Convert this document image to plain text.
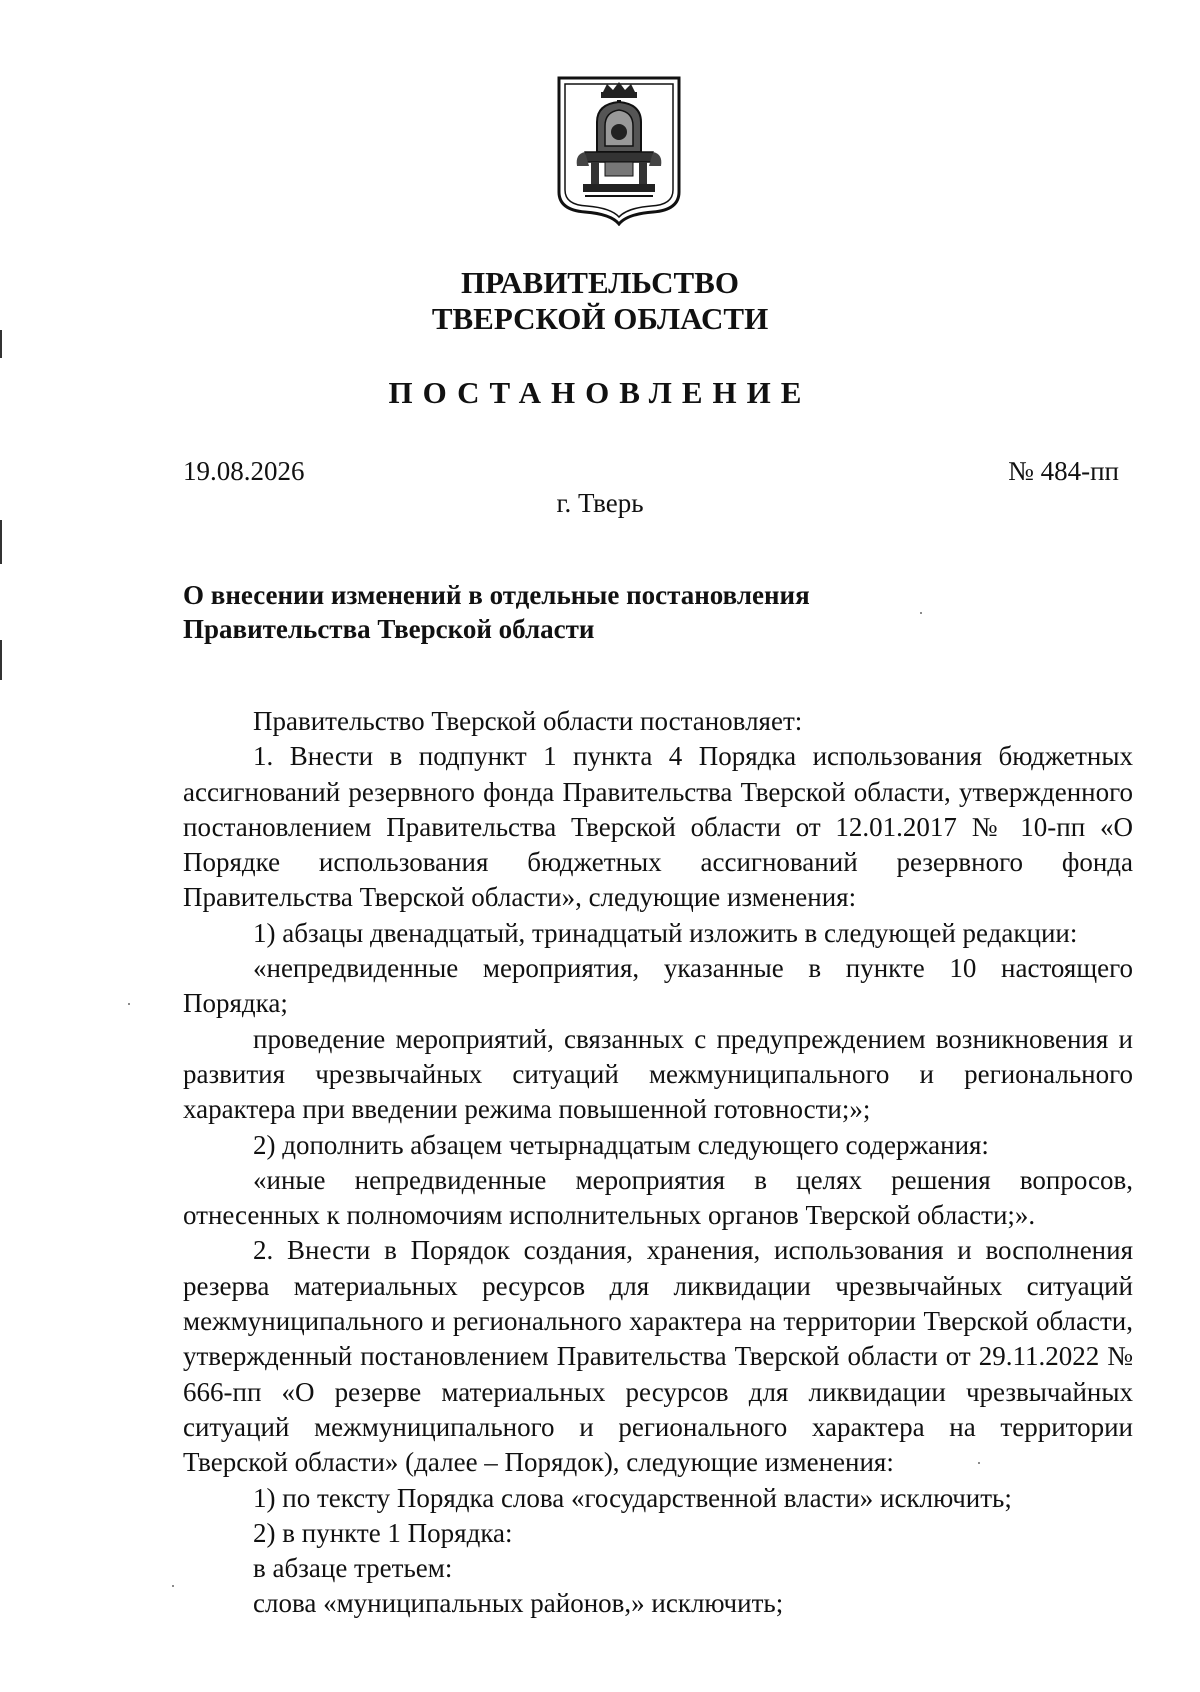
ПРАВИТЕЛЬСТВО
ТВЕРСКОЙ ОБЛАСТИ
ПОСТАНОВЛЕНИЕ
19.08.2026	№ 484-пп
г. Тверь
О внесении изменений в отдельные постановления
Правительства Тверской области

Правительство Тверской области постановляет:

1. Внести в подпункт 1 пункта 4 Порядка использования бюджетных ассигнований резервного фонда Правительства Тверской области, утвержденного постановлением Правительства Тверской области от 12.01.2017 № 10-пп «О Порядке использования бюджетных ассигнований резервного фонда Правительства Тверской области», следующие изменения:

1) абзацы двенадцатый, тринадцатый изложить в следующей редакции:

«непредвиденные мероприятия, указанные в пункте 10 настоящего Порядка;

проведение мероприятий, связанных с предупреждением возникновения и развития чрезвычайных ситуаций межмуниципального и регионального характера при введении режима повышенной готовности;»;

2) дополнить абзацем четырнадцатым следующего содержания:

«иные непредвиденные мероприятия в целях решения вопросов, отнесенных к полномочиям исполнительных органов Тверской области;».

2. Внести в Порядок создания, хранения, использования и восполнения резерва материальных ресурсов для ликвидации чрезвычайных ситуаций межмуниципального и регионального характера на территории Тверской области, утвержденный постановлением Правительства Тверской области от 29.11.2022 № 666-пп «О резерве материальных ресурсов для ликвидации чрезвычайных ситуаций межмуниципального и регионального характера на территории Тверской области» (далее – Порядок), следующие изменения:

1) по тексту Порядка слова «государственной власти» исключить;

2) в пункте 1 Порядка:

в абзаце третьем:

слова «муниципальных районов,» исключить;
